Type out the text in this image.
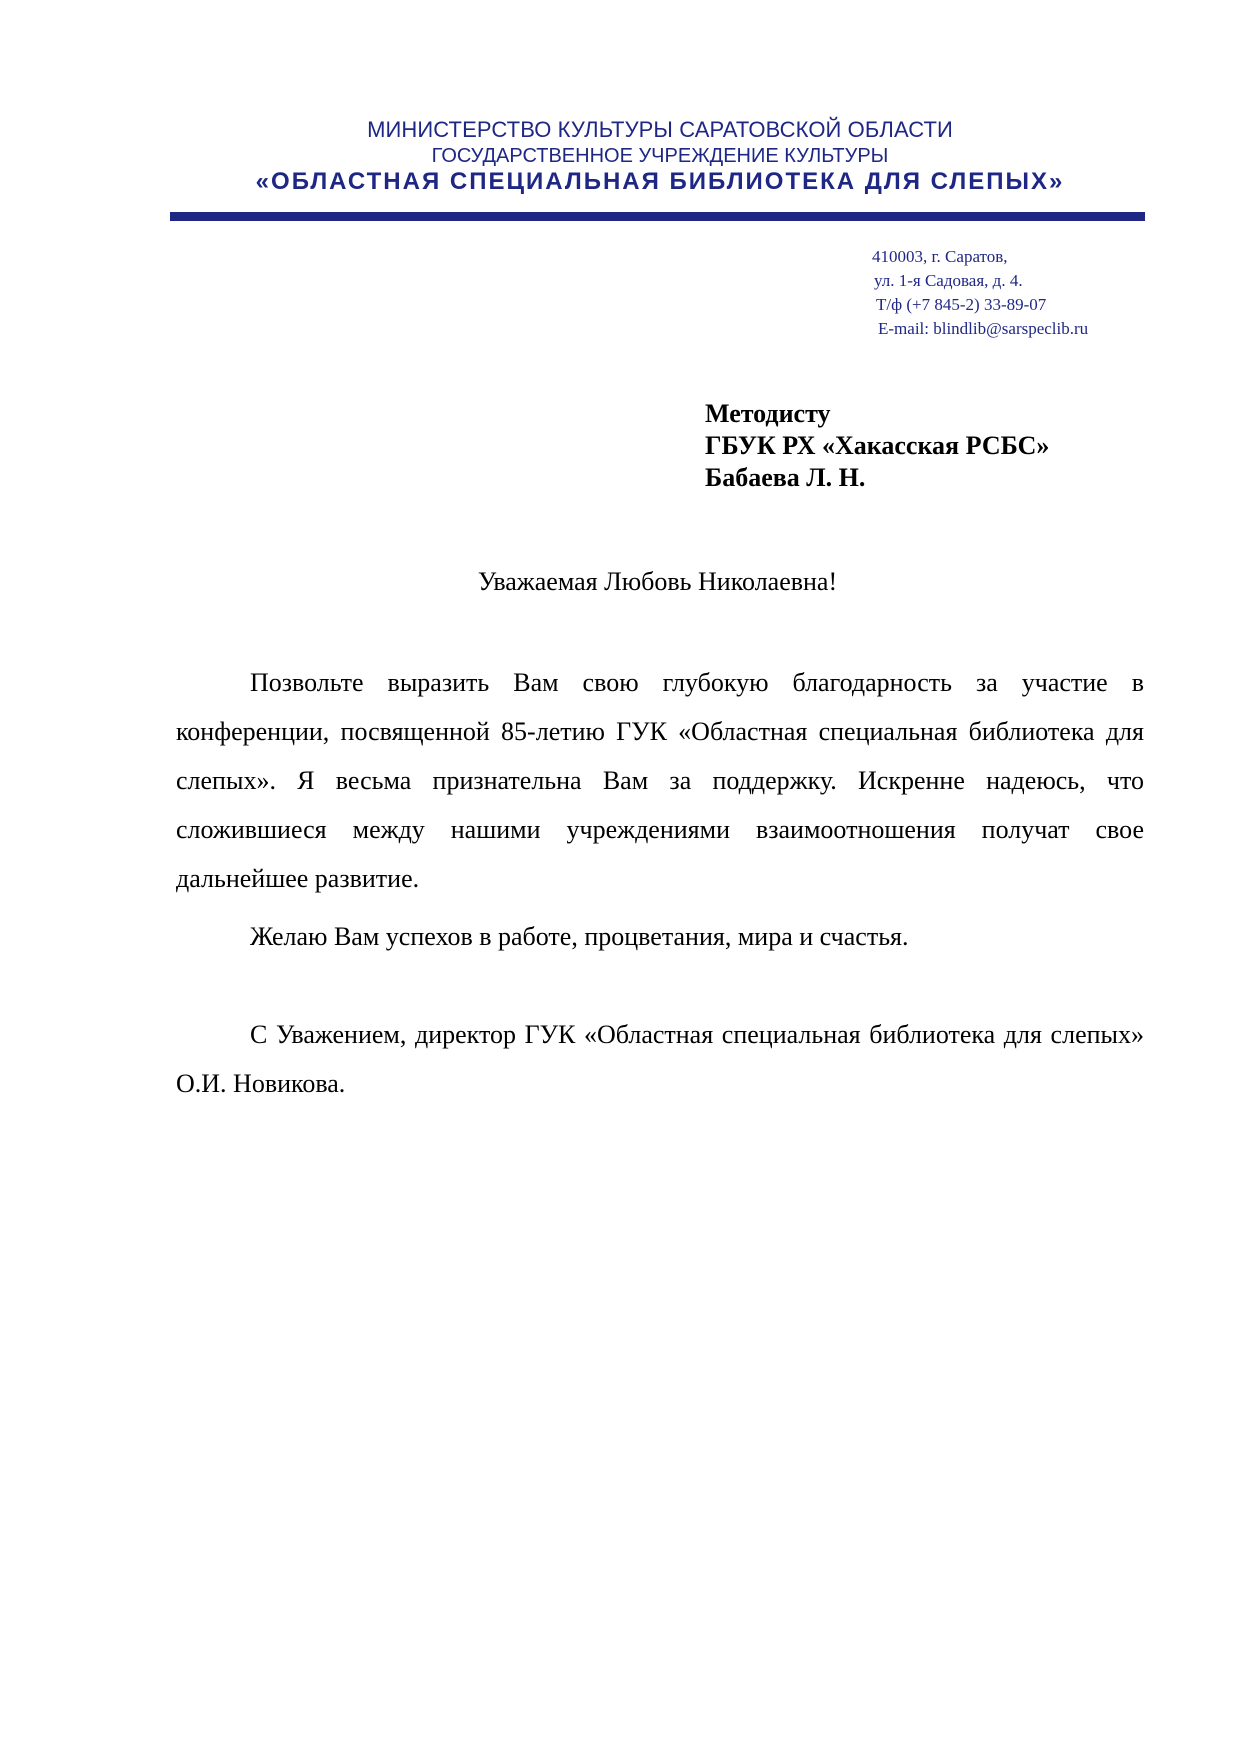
МИНИСТЕРСТВО КУЛЬТУРЫ САРАТОВСКОЙ ОБЛАСТИ
ГОСУДАРСТВЕННОЕ УЧРЕЖДЕНИЕ КУЛЬТУРЫ
«ОБЛАСТНАЯ СПЕЦИАЛЬНАЯ БИБЛИОТЕКА ДЛЯ СЛЕПЫХ»
410003, г. Саратов,
ул. 1-я Садовая, д. 4.
Т/ф (+7 845-2) 33-89-07
E-mail: blindlib@sarspeclib.ru
Методисту
ГБУК РХ «Хакасская РСБС»
Бабаева Л. Н.
Уважаемая Любовь Николаевна!

Позвольте выразить Вам свою глубокую благодарность за участие в конференции, посвященной 85-летию ГУК «Областная специальная библиотека для слепых». Я весьма признательна Вам за поддержку. Искренне надеюсь, что сложившиеся между нашими учреждениями взаимоотношения получат свое дальнейшее развитие.

Желаю Вам успехов в работе, процветания, мира и счастья.

С Уважением, директор ГУК «Областная специальная библиотека для слепых» О.И. Новикова.
